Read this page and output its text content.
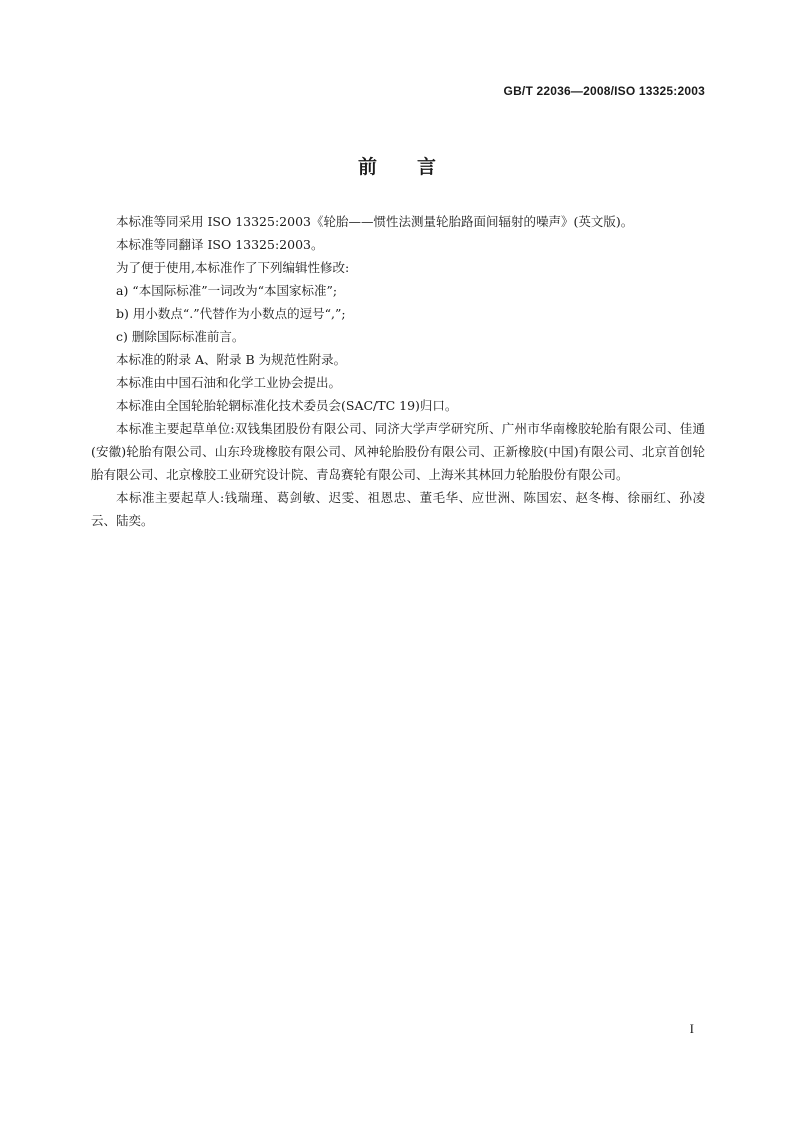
GB/T 22036—2008/ISO 13325:2003
前言

本标准等同采用 ISO 13325:2003《轮胎——惯性法测量轮胎路面间辐射的噪声》(英文版)。

本标准等同翻译 ISO 13325:2003。

为了便于使用,本标准作了下列编辑性修改:

a) “本国际标准”一词改为“本国家标准”;

b) 用小数点“.”代替作为小数点的逗号“,”;

c) 删除国际标准前言。

本标准的附录 A、附录 B 为规范性附录。

本标准由中国石油和化学工业协会提出。

本标准由全国轮胎轮辋标准化技术委员会(SAC/TC 19)归口。

本标准主要起草单位:双钱集团股份有限公司、同济大学声学研究所、广州市华南橡胶轮胎有限公司、佳通(安徽)轮胎有限公司、山东玲珑橡胶有限公司、风神轮胎股份有限公司、正新橡胶(中国)有限公司、北京首创轮胎有限公司、北京橡胶工业研究设计院、青岛赛轮有限公司、上海米其林回力轮胎股份有限公司。

本标准主要起草人:钱瑞瑾、葛剑敏、迟雯、祖恩忠、董毛华、应世洲、陈国宏、赵冬梅、徐丽红、孙凌云、陆奕。

I
